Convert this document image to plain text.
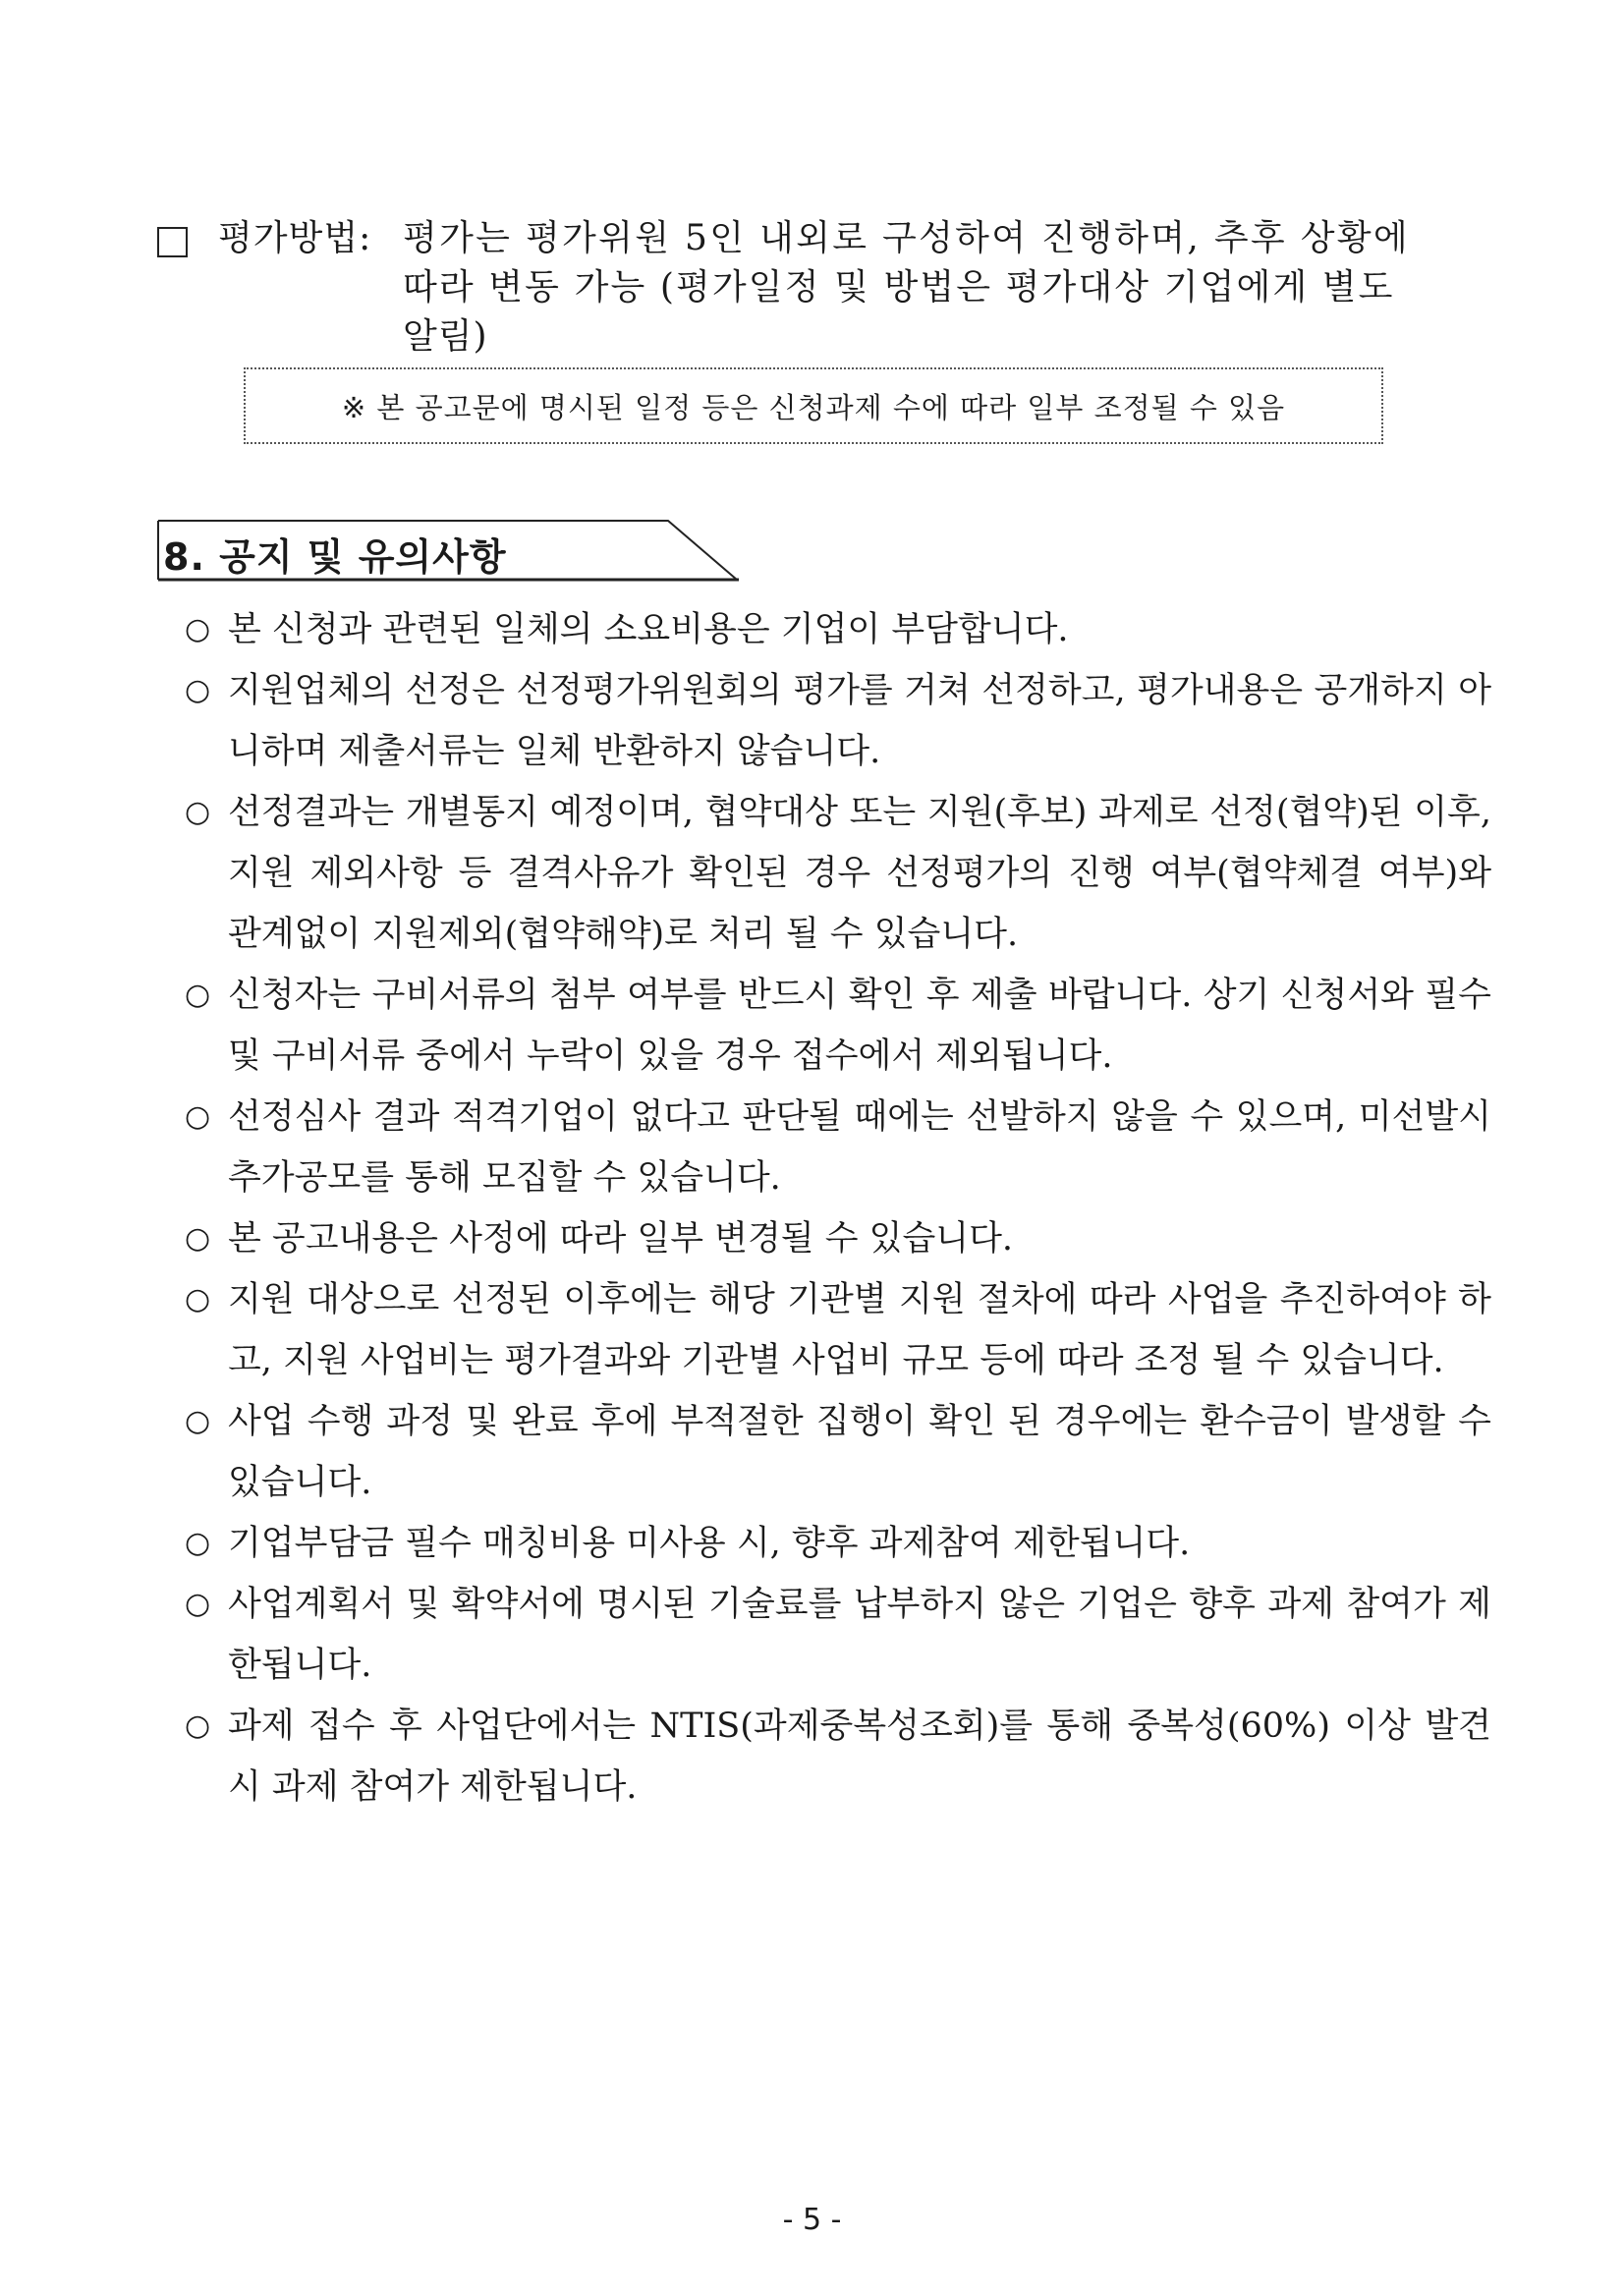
평가방법: 평가는 평가위원 5인 내외로 구성하여 진행하며, 추후 상황에
따라 변동 가능 (평가일정 및 방법은 평가대상 기업에게 별도
알림)
※ 본 공고문에 명시된 일정 등은 신청과제 수에 따라 일부 조정될 수 있음
8. 공지 및 유의사항

○ 본 신청과 관련된 일체의 소요비용은 기업이 부담합니다.

○ 지원업체의 선정은 선정평가위원회의 평가를 거쳐 선정하고, 평가내용은 공개하지 아니하며 제출서류는 일체 반환하지 않습니다.

○ 선정결과는 개별통지 예정이며, 협약대상 또는 지원(후보) 과제로 선정(협약)된 이후, 지원 제외사항 등 결격사유가 확인된 경우 선정평가의 진행 여부(협약체결 여부)와 관계없이 지원제외(협약해약)로 처리 될 수 있습니다.

○ 신청자는 구비서류의 첨부 여부를 반드시 확인 후 제출 바랍니다. 상기 신청서와 필수 및 구비서류 중에서 누락이 있을 경우 접수에서 제외됩니다.

○ 선정심사 결과 적격기업이 없다고 판단될 때에는 선발하지 않을 수 있으며, 미선발시 추가공모를 통해 모집할 수 있습니다.

○ 본 공고내용은 사정에 따라 일부 변경될 수 있습니다.

○ 지원 대상으로 선정된 이후에는 해당 기관별 지원 절차에 따라 사업을 추진하여야 하고, 지원 사업비는 평가결과와 기관별 사업비 규모 등에 따라 조정 될 수 있습니다.

○ 사업 수행 과정 및 완료 후에 부적절한 집행이 확인 된 경우에는 환수금이 발생할 수 있습니다.

○ 기업부담금 필수 매칭비용 미사용 시, 향후 과제참여 제한됩니다.

○ 사업계획서 및 확약서에 명시된 기술료를 납부하지 않은 기업은 향후 과제 참여가 제한됩니다.

○ 과제 접수 후 사업단에서는 NTIS(과제중복성조회)를 통해 중복성(60%) 이상 발견 시 과제 참여가 제한됩니다.

- 5 -
